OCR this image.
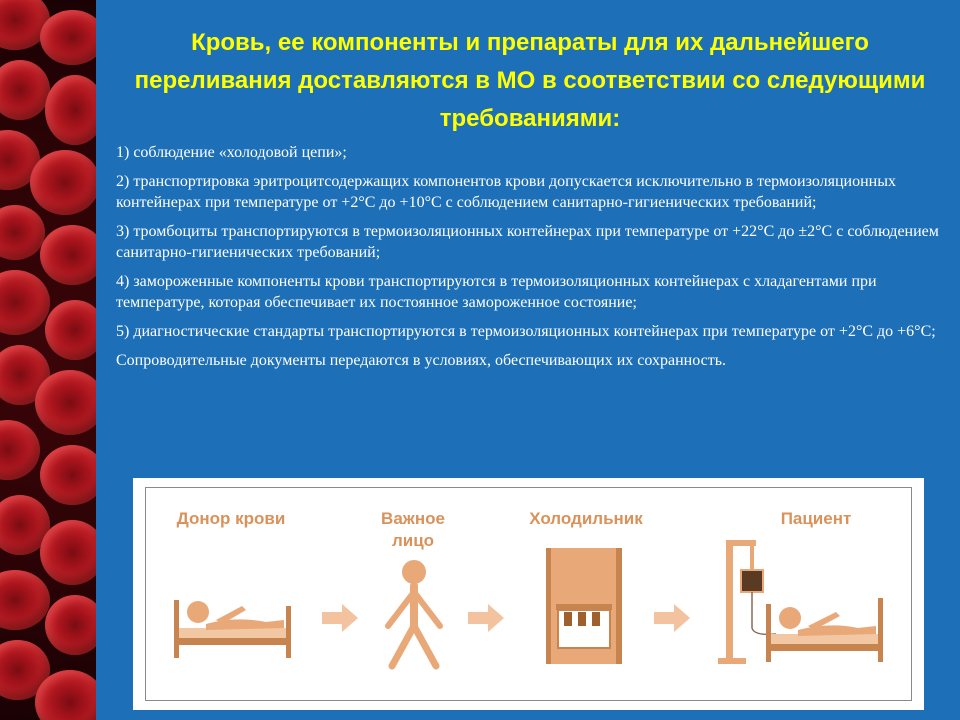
Кровь, ее компоненты и препараты для их дальнейшего переливания доставляются в МО в соответствии со следующими требованиями:
1) соблюдение «холодовой цепи»;
2) транспортировка эритроцитсодержащих компонентов крови допускается исключительно в термоизоляционных контейнерах при температуре от +2°C до +10°C с соблюдением санитарно-гигиенических требований;
3) тромбоциты транспортируются в термоизоляционных контейнерах при температуре от +22°C до ±2°C с соблюдением санитарно-гигиенических требований;
4) замороженные компоненты крови транспортируются в термоизоляционных контейнерах с хладагентами при температуре, которая обеспечивает их постоянное замороженное состояние;
5) диагностические стандарты транспортируются в термоизоляционных контейнерах при температуре от +2°C до +6°C;
Сопроводительные документы передаются в условиях, обеспечивающих их сохранность.
Донор крови	Важное лицо
Холодильник	Пациент
